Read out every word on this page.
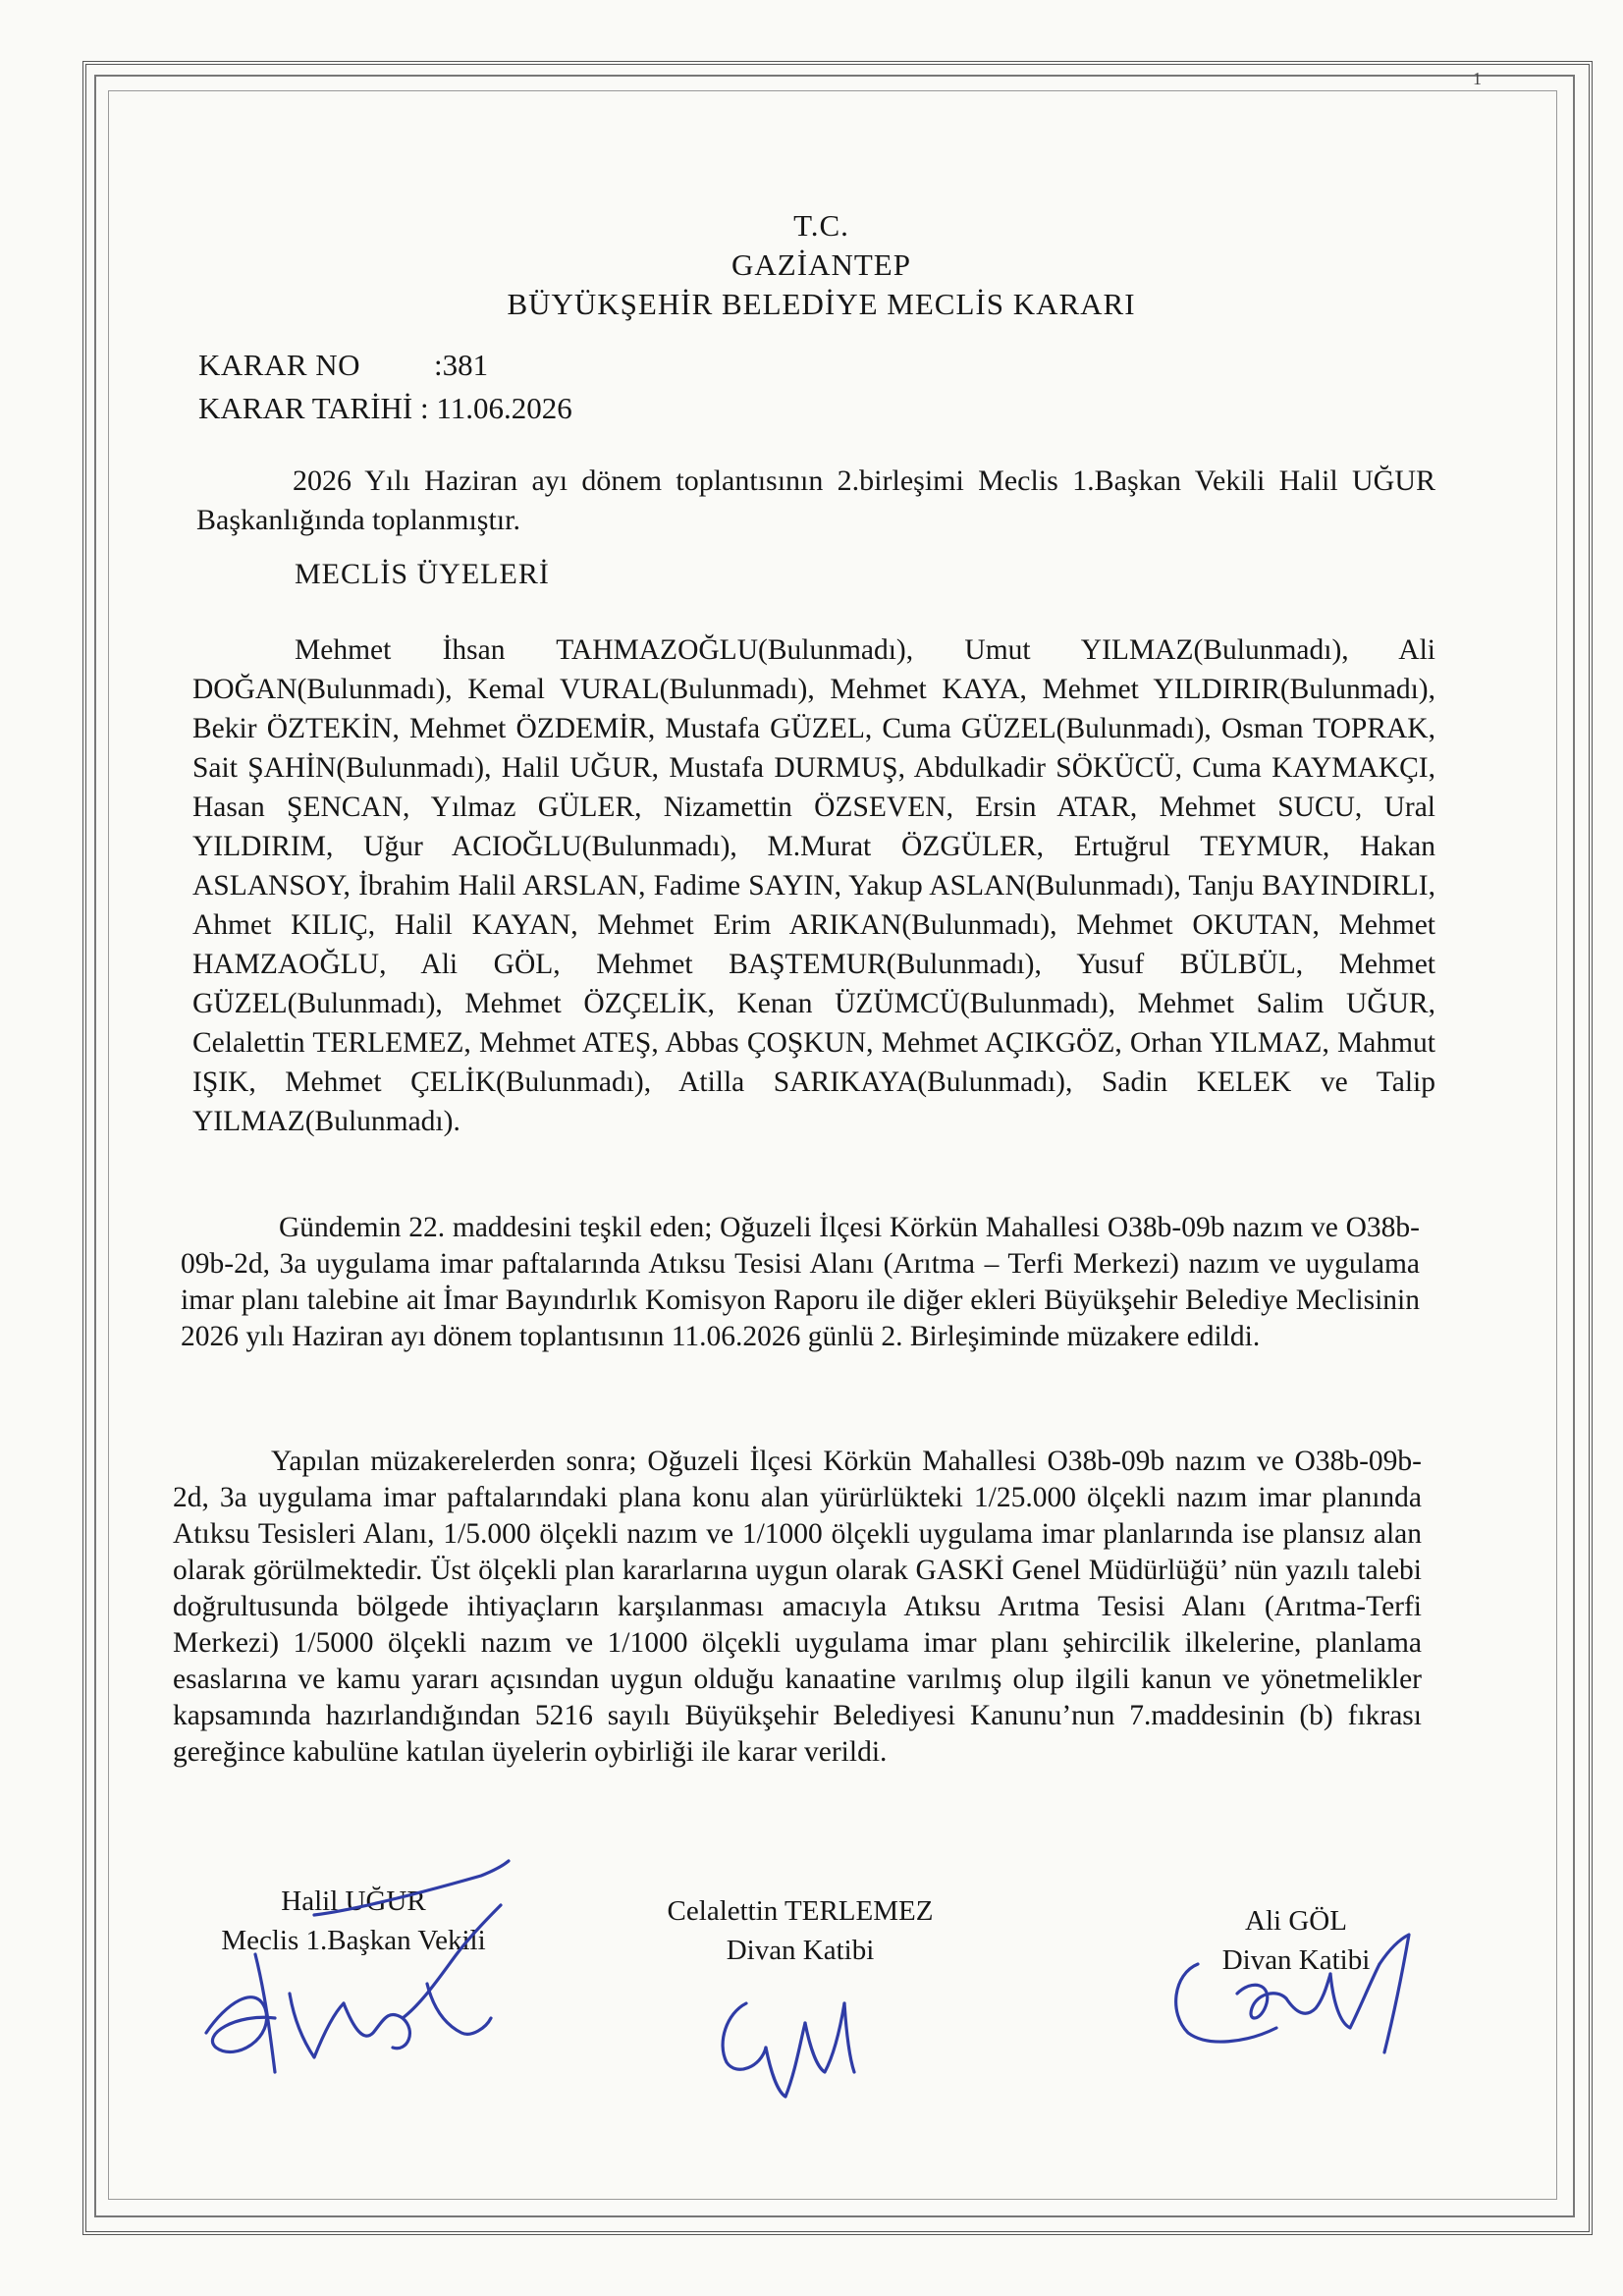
1
T.C.
GAZİANTEP
BÜYÜKŞEHİR BELEDİYE MECLİS KARARI
KARAR NO :381
KARAR TARİHİ : 11.06.2026
2026 Yılı Haziran ayı dönem toplantısının 2.birleşimi Meclis 1.Başkan Vekili Halil UĞUR Başkanlığında toplanmıştır.
MECLİS ÜYELERİ
Mehmet İhsan TAHMAZOĞLU(Bulunmadı), Umut YILMAZ(Bulunmadı), Ali DOĞAN(Bulunmadı), Kemal VURAL(Bulunmadı), Mehmet KAYA, Mehmet YILDIRIR(Bulunmadı), Bekir ÖZTEKİN, Mehmet ÖZDEMİR, Mustafa GÜZEL, Cuma GÜZEL(Bulunmadı), Osman TOPRAK, Sait ŞAHİN(Bulunmadı), Halil UĞUR, Mustafa DURMUŞ, Abdulkadir SÖKÜCÜ, Cuma KAYMAKÇI, Hasan ŞENCAN, Yılmaz GÜLER, Nizamettin ÖZSEVEN, Ersin ATAR, Mehmet SUCU, Ural YILDIRIM, Uğur ACIOĞLU(Bulunmadı), M.Murat ÖZGÜLER, Ertuğrul TEYMUR, Hakan ASLANSOY, İbrahim Halil ARSLAN, Fadime SAYIN, Yakup ASLAN(Bulunmadı), Tanju BAYINDIRLI, Ahmet KILIÇ, Halil KAYAN, Mehmet Erim ARIKAN(Bulunmadı), Mehmet OKUTAN, Mehmet HAMZAOĞLU, Ali GÖL, Mehmet BAŞTEMUR(Bulunmadı), Yusuf BÜLBÜL, Mehmet GÜZEL(Bulunmadı), Mehmet ÖZÇELİK, Kenan ÜZÜMCÜ(Bulunmadı), Mehmet Salim UĞUR, Celalettin TERLEMEZ, Mehmet ATEŞ, Abbas ÇOŞKUN, Mehmet AÇIKGÖZ, Orhan YILMAZ, Mahmut IŞIK, Mehmet ÇELİK(Bulunmadı), Atilla SARIKAYA(Bulunmadı), Sadin KELEK ve Talip YILMAZ(Bulunmadı).
Gündemin 22. maddesini teşkil eden; Oğuzeli İlçesi Körkün Mahallesi O38b-09b nazım ve O38b-09b-2d, 3a uygulama imar paftalarında Atıksu Tesisi Alanı (Arıtma – Terfi Merkezi) nazım ve uygulama imar planı talebine ait İmar Bayındırlık Komisyon Raporu ile diğer ekleri Büyükşehir Belediye Meclisinin 2026 yılı Haziran ayı dönem toplantısının 11.06.2026 günlü 2. Birleşiminde müzakere edildi.
Yapılan müzakerelerden sonra; Oğuzeli İlçesi Körkün Mahallesi O38b-09b nazım ve O38b-09b-2d, 3a uygulama imar paftalarındaki plana konu alan yürürlükteki 1/25.000 ölçekli nazım imar planında Atıksu Tesisleri Alanı, 1/5.000 ölçekli nazım ve 1/1000 ölçekli uygulama imar planlarında ise plansız alan olarak görülmektedir. Üst ölçekli plan kararlarına uygun olarak GASKİ Genel Müdürlüğü’ nün yazılı talebi doğrultusunda bölgede ihtiyaçların karşılanması amacıyla Atıksu Arıtma Tesisi Alanı (Arıtma-Terfi Merkezi) 1/5000 ölçekli nazım ve 1/1000 ölçekli uygulama imar planı şehircilik ilkelerine, planlama esaslarına ve kamu yararı açısından uygun olduğu kanaatine varılmış olup ilgili kanun ve yönetmelikler kapsamında hazırlandığından 5216 sayılı Büyükşehir Belediyesi Kanunu’nun 7.maddesinin (b) fıkrası gereğince kabulüne katılan üyelerin oybirliği ile karar verildi.
Halil UĞUR
Meclis 1.Başkan Vekili
Celalettin TERLEMEZ
Divan Katibi
Ali GÖL
Divan Katibi
